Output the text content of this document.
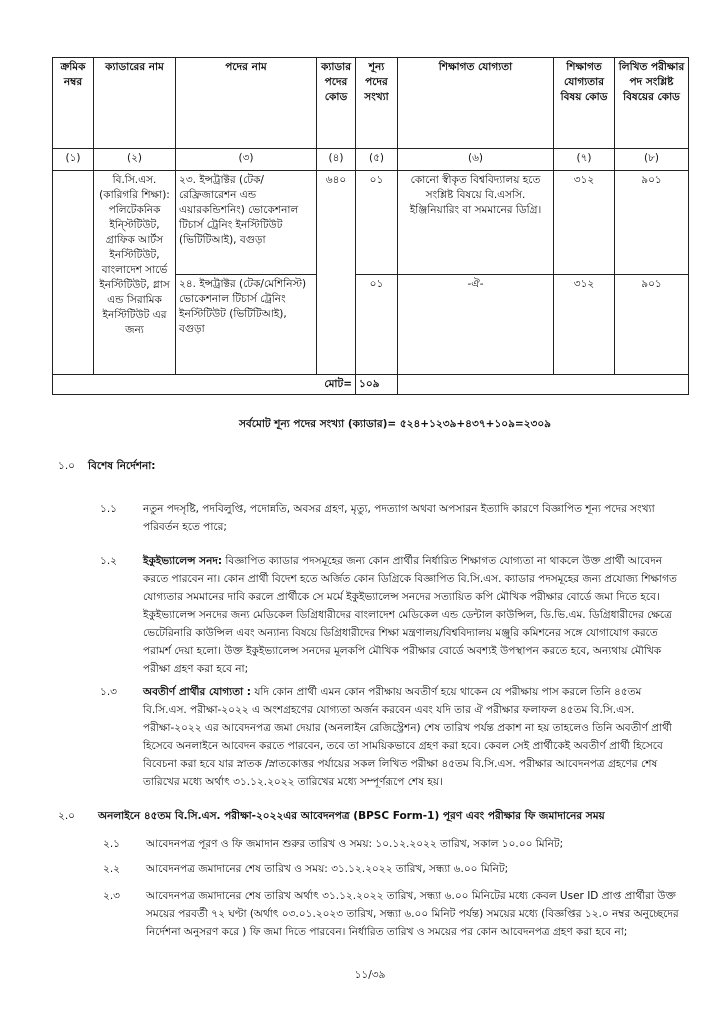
ক্রমিক নম্বর	ক্যাডারের নাম	পদের নাম	ক্যাডার পদের কোড	শূন্য পদের সংখ্যা	শিক্ষাগত যোগ্যতা	শিক্ষাগত যোগ্যতার বিষয় কোড	লিখিত পরীক্ষার পদ সংশ্লিষ্ট বিষয়ের কোড
(১)	(২)	(৩)	(৪)	(৫)	(৬)	(৭)	(৮)
	বি.সি.এস. (কারিগরি শিক্ষা): পলিটেকনিক ইন্স্টিটিউট, গ্রাফিক আর্টস ইনস্টিটিউট, বাংলাদেশ সার্ভে ইনস্টিটিউট, গ্লাস এন্ড সিরামিক ইনস্টিটিউট এর জন্য	২৩. ইন্সট্রাক্টর (টেক/রেফ্রিজারেশন এন্ড এয়ারকন্ডিশনিং) ভোকেশনাল টিচার্স ট্রেনিং ইনস্টিটিউট (ভিটিটিআই), বগুড়া	৬৪০	০১	কোনো স্বীকৃত বিশ্ববিদ্যালয় হতে সংশ্লিষ্ট বিষয়ে বি.এসসি. ইঞ্জিনিয়ারিং বা সমমানের ডিগ্রি।	৩১২	৯০১
		২৪. ইন্সট্রাক্টর (টেক/মেশিনিস্ট) ভোকেশনাল টিচার্স ট্রেনিং ইনস্টিটিউট (ভিটিটিআই), বগুড়া		০১	-ঐ-	৩১২	৯০১
মোট=				১০৯			
সর্বমোট শূন্য পদের সংখ্যা (ক্যাডার)= ৫২৪+১২৩৯+৪৩৭+১০৯=২৩০৯
১.০ বিশেষ নির্দেশনা:
১.১ নতুন পদসৃষ্টি, পদবিলুপ্তি, পদোন্নতি, অবসর গ্রহণ, মৃত্যু, পদত্যাগ অথবা অপসারন ইত্যাদি কারণে বিজ্ঞাপিত শূন্য পদের সংখ্যা পরিবর্তন হতে পারে;
১.২ ইকুইভ্যালেন্স সনদ: বিজ্ঞাপিত ক্যাডার পদসমূহের জন্য কোন প্রার্থীর নির্ধারিত শিক্ষাগত যোগ্যতা না থাকলে উক্ত প্রার্থী আবেদন করতে পারবেন না। কোন প্রার্থী বিদেশ হতে অর্জিত কোন ডিগ্রিকে বিজ্ঞাপিত বি.সি.এস. ক্যাডার পদসমূহের জন্য প্রযোজ্য শিক্ষাগত যোগ্যতার সমমানের দাবি করলে প্রার্থীকে সে মর্মে ইকুইভ্যালেন্স সনদের সত্যায়িত কপি মৌখিক পরীক্ষার বোর্ডে জমা দিতে হবে। ইকুইভ্যালেন্স সনদের জন্য মেডিকেল ডিগ্রিধারীদের বাংলাদেশ মেডিকেল এন্ড ডেন্টাল কাউন্সিল, ডি.ভি.এম. ডিগ্রিধারীদের ক্ষেত্রে ভেটেরিনারি কাউন্সিল এবং অন্যান্য বিষয়ে ডিগ্রিধারীদের শিক্ষা মন্ত্রণালয়/বিশ্ববিদ্যালয় মঞ্জুরি কমিশনের সঙ্গে যোগাযোগ করতে পরামর্শ দেয়া হলো। উক্ত ইকুইভ্যালেন্স সনদের মূলকপি মৌখিক পরীক্ষার বোর্ডে অবশ্যই উপস্থাপন করতে হবে, অন্যথায় মৌখিক পরীক্ষা গ্রহণ করা হবে না;
১.৩ অবতীর্ণ প্রার্থীর যোগ্যতা : যদি কোন প্রার্থী এমন কোন পরীক্ষায় অবতীর্ণ হয়ে থাকেন যে পরীক্ষায় পাস করলে তিনি ৪৫তম বি.সি.এস. পরীক্ষা-২০২২ এ অংশগ্রহণের যোগ্যতা অর্জন করবেন এবং যদি তার ঐ পরীক্ষার ফলাফল ৪৫তম বি.সি.এস. পরীক্ষা-২০২২ এর আবেদনপত্র জমা দেয়ার (অনলাইন রেজিস্ট্রেশন) শেষ তারিখ পর্যন্ত প্রকাশ না হয় তাহলেও তিনি অবতীর্ণ প্রার্থী হিসেবে অনলাইনে আবেদন করতে পারবেন, তবে তা সাময়িকভাবে গ্রহণ করা হবে। কেবল সেই প্রার্থীকেই অবতীর্ণ প্রার্থী হিসেবে বিবেচনা করা হবে যার স্নাতক /স্নাতকোত্তর পর্যায়ের সকল লিখিত পরীক্ষা ৪৫তম বি.সি.এস. পরীক্ষার আবেদনপত্র গ্রহণের শেষ তারিখের মধ্যে অর্থাৎ ৩১.১২.২০২২ তারিখের মধ্যে সম্পূর্ণরূপে শেষ হয়।
২.০ অনলাইনে ৪৫তম বি.সি.এস. পরীক্ষা-২০২২এর আবেদনপত্র (BPSC Form-1) পূরণ এবং পরীক্ষার ফি জমাদানের সময়
২.১ আবেদনপত্র পূরণ ও ফি জমাদান শুরুর তারিখ ও সময়: ১০.১২.২০২২ তারিখ, সকাল ১০.০০ মিনিট;
২.২ আবেদনপত্র জমাদানের শেষ তারিখ ও সময়: ৩১.১২.২০২২ তারিখ, সন্ধ্যা ৬.০০ মিনিট;
২.৩ আবেদনপত্র জমাদানের শেষ তারিখ অর্থাৎ ৩১.১২.২০২২ তারিখ, সন্ধ্যা ৬.০০ মিনিটের মধ্যে কেবল User ID প্রাপ্ত প্রার্থীরা উক্ত সময়ের পরবর্তী ৭২ ঘণ্টা (অর্থাৎ ০৩.০১.২০২৩ তারিখ, সন্ধ্যা ৬.০০ মিনিট পর্যন্ত) সময়ের মধ্যে (বিজ্ঞপ্তির ১২.০ নম্বর অনুচ্ছেদের নির্দেশনা অনুসরণ করে ) ফি জমা দিতে পারবেন। নির্ধারিত তারিখ ও সময়ের পর কোন আবেদনপত্র গ্রহণ করা হবে না;
১১/৩৯
